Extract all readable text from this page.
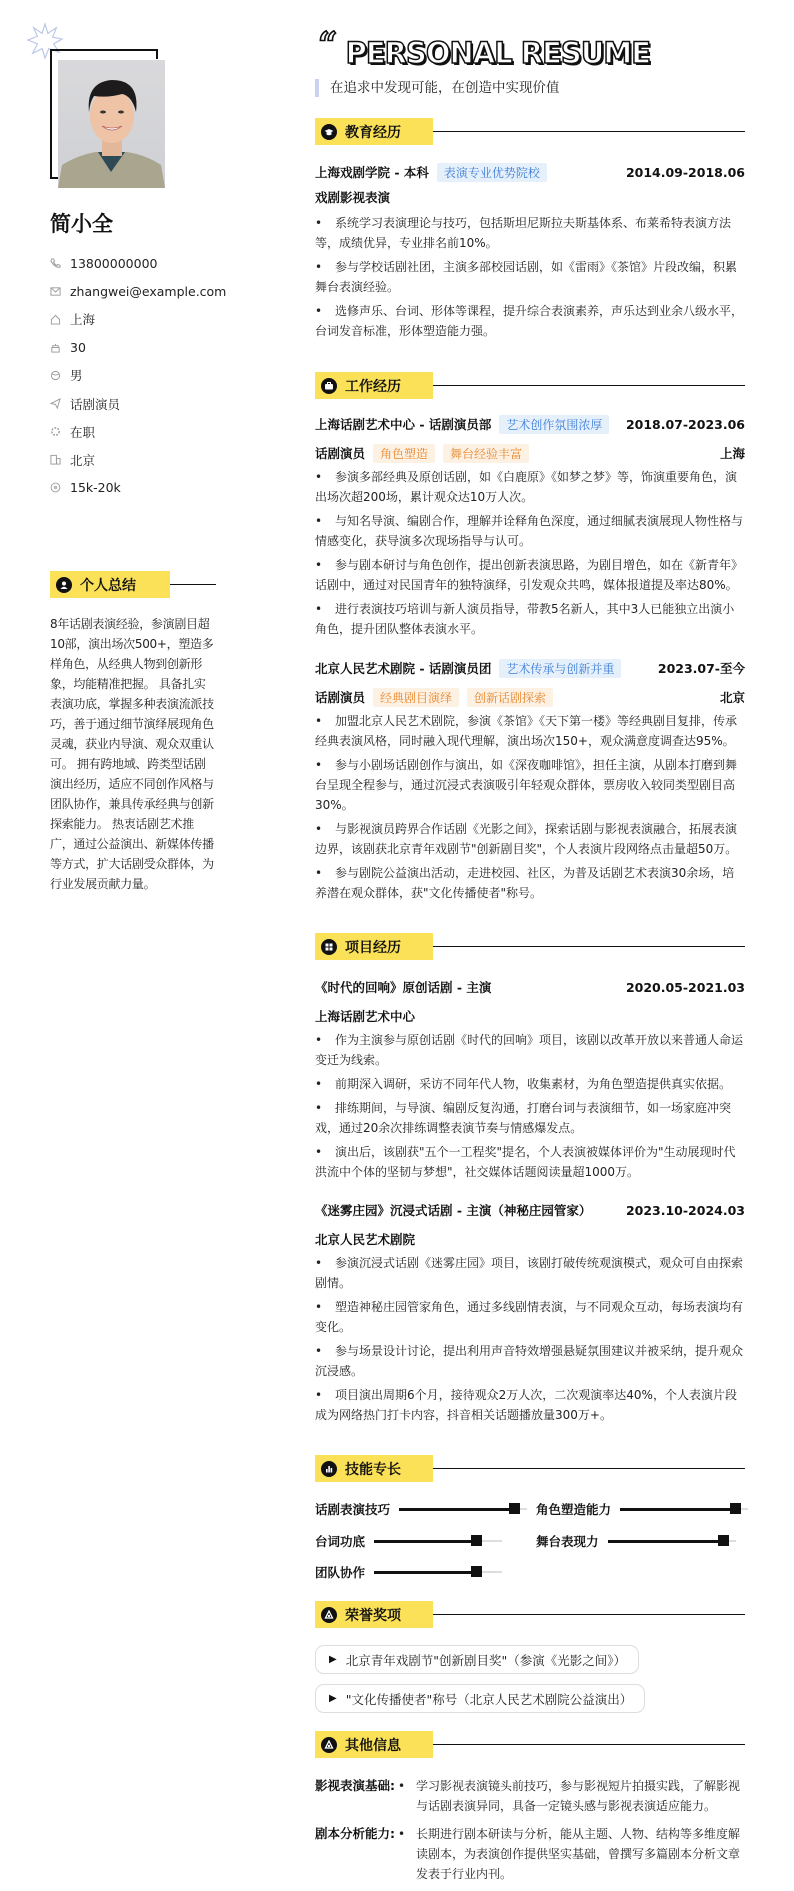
简小全
13800000000
zhangwei@example.com
上海
30
男
话剧演员
在职
北京
15k-20k
个人总结
8年话剧表演经验，参演剧目超10部，演出场次500+，塑造多样角色，从经典人物到创新形象，均能精准把握。 具备扎实表演功底，掌握多种表演流派技巧，善于通过细节演绎展现角色灵魂，获业内导演、观众双重认可。 拥有跨地域、跨类型话剧演出经历，适应不同创作风格与团队协作，兼具传承经典与创新探索能力。 热衷话剧艺术推广，通过公益演出、新媒体传播等方式，扩大话剧受众群体，为行业发展贡献力量。
“ PERSONAL RESUME
在追求中发现可能，在创造中实现价值
教育经历
上海戏剧学院 - 本科	表演专业优势院校	2014.09-2018.06
戏剧影视表演
• 系统学习表演理论与技巧，包括斯坦尼斯拉夫斯基体系、布莱希特表演方法等，成绩优异，专业排名前10%。
• 参与学校话剧社团，主演多部校园话剧，如《雷雨》《茶馆》片段改编，积累舞台表演经验。
• 选修声乐、台词、形体等课程，提升综合表演素养，声乐达到业余八级水平，台词发音标准，形体塑造能力强。
工作经历
上海话剧艺术中心 - 话剧演员部	艺术创作氛围浓厚	2018.07-2023.06
话剧演员	角色塑造	舞台经验丰富	上海
• 参演多部经典及原创话剧，如《白鹿原》《如梦之梦》等，饰演重要角色，演出场次超200场，累计观众达10万人次。
• 与知名导演、编剧合作，理解并诠释角色深度，通过细腻表演展现人物性格与情感变化，获导演多次现场指导与认可。
• 参与剧本研讨与角色创作，提出创新表演思路，为剧目增色，如在《新青年》话剧中，通过对民国青年的独特演绎，引发观众共鸣，媒体报道提及率达80%。
• 进行表演技巧培训与新人演员指导，带教5名新人，其中3人已能独立出演小角色，提升团队整体表演水平。
北京人民艺术剧院 - 话剧演员团	艺术传承与创新并重	2023.07-至今
话剧演员	经典剧目演绎	创新话剧探索	北京
• 加盟北京人民艺术剧院，参演《茶馆》《天下第一楼》等经典剧目复排，传承经典表演风格，同时融入现代理解，演出场次150+，观众满意度调查达95%。
• 参与小剧场话剧创作与演出，如《深夜咖啡馆》，担任主演，从剧本打磨到舞台呈现全程参与，通过沉浸式表演吸引年轻观众群体，票房收入较同类型剧目高30%。
• 与影视演员跨界合作话剧《光影之间》，探索话剧与影视表演融合，拓展表演边界，该剧获北京青年戏剧节"创新剧目奖"，个人表演片段网络点击量超50万。
• 参与剧院公益演出活动，走进校园、社区，为普及话剧艺术表演30余场，培养潜在观众群体，获"文化传播使者"称号。
项目经历
《时代的回响》原创话剧 - 主演	2020.05-2021.03
上海话剧艺术中心
• 作为主演参与原创话剧《时代的回响》项目，该剧以改革开放以来普通人命运变迁为线索。
• 前期深入调研，采访不同年代人物，收集素材，为角色塑造提供真实依据。
• 排练期间，与导演、编剧反复沟通，打磨台词与表演细节，如一场家庭冲突戏，通过20余次排练调整表演节奏与情感爆发点。
• 演出后，该剧获"五个一工程奖"提名，个人表演被媒体评价为"生动展现时代洪流中个体的坚韧与梦想"，社交媒体话题阅读量超1000万。
《迷雾庄园》沉浸式话剧 - 主演（神秘庄园管家）	2023.10-2024.03
北京人民艺术剧院
• 参演沉浸式话剧《迷雾庄园》项目，该剧打破传统观演模式，观众可自由探索剧情。
• 塑造神秘庄园管家角色，通过多线剧情表演，与不同观众互动，每场表演均有变化。
• 参与场景设计讨论，提出利用声音特效增强悬疑氛围建议并被采纳，提升观众沉浸感。
• 项目演出周期6个月，接待观众2万人次，二次观演率达40%，个人表演片段成为网络热门打卡内容，抖音相关话题播放量300万+。
技能专长
话剧表演技巧	角色塑造能力
台词功底	舞台表现力
团队协作
荣誉奖项
▶ 北京青年戏剧节"创新剧目奖"（参演《光影之间》）
▶ "文化传播使者"称号（北京人民艺术剧院公益演出）
其他信息
影视表演基础: • 学习影视表演镜头前技巧，参与影视短片拍摄实践，了解影视与话剧表演异同，具备一定镜头感与影视表演适应能力。
剧本分析能力: • 长期进行剧本研读与分析，能从主题、人物、结构等多维度解读剧本，为表演创作提供坚实基础，曾撰写多篇剧本分析文章发表于行业内刊。
